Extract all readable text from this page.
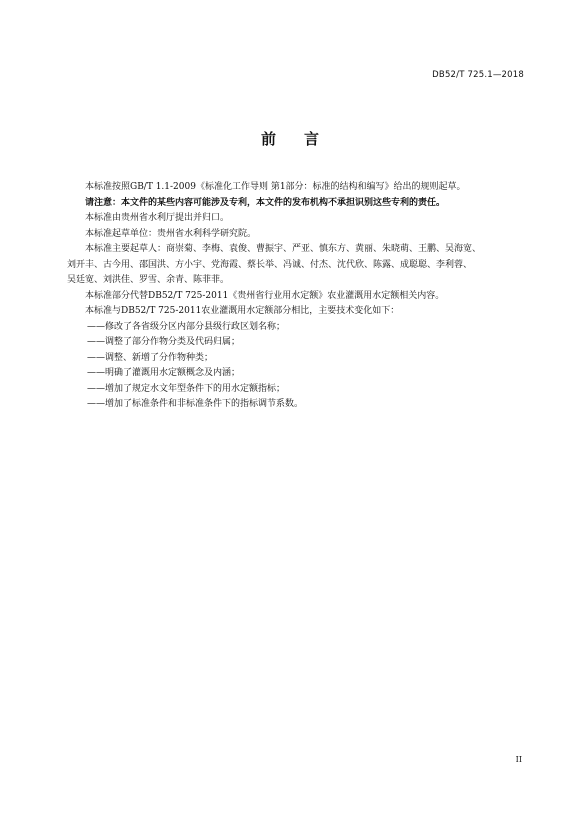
DB52/T 725.1—2018
前 言

本标准按照GB/T 1.1-2009《标准化工作导则 第1部分：标准的结构和编写》给出的规则起草。

请注意：本文件的某些内容可能涉及专利，本文件的发布机构不承担识别这些专利的责任。

本标准由贵州省水利厅提出并归口。

本标准起草单位：贵州省水利科学研究院。

本标准主要起草人：商崇菊、李梅、袁俊、曹振宇、严亚、慎东方、黄丽、朱晓萌、王鹏、吴海宽、

刘开丰、古今用、邵国洪、方小宇、党海霞、蔡长举、冯诚、付杰、沈代欣、陈露、成聪聪、李利蓉、

吴廷宽、刘洪佳、罗雪、余青、陈菲菲。

本标准部分代替DB52/T 725-2011《贵州省行业用水定额》农业灌溉用水定额相关内容。

本标准与DB52/T 725-2011农业灌溉用水定额部分相比，主要技术变化如下：

——修改了各省级分区内部分县级行政区划名称；

——调整了部分作物分类及代码归属；

——调整、新增了分作物种类；

——明确了灌溉用水定额概念及内涵；

——增加了规定水文年型条件下的用水定额指标；

——增加了标准条件和非标准条件下的指标调节系数。

II
